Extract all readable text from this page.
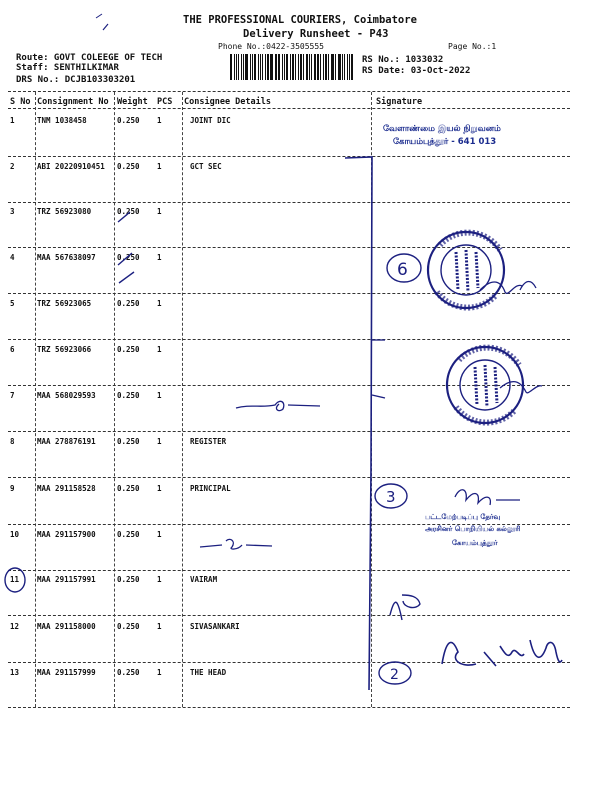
THE PROFESSIONAL COURIERS, Coimbatore
Delivery Runsheet - P43
Phone No.:0422-3505555	Page No.:1
Route: GOVT COLEEGE OF TECH
Staff: SENTHILKIMAR
DRS No.: DCJB103303201
RS No.: 1033032
RS Date: 03-Oct-2022
S No Consignment No Weight PCS Consignee Details	Signature
1	TNM 1038458	0.250 1	JOINT DIC
2	ABI 20220910451 0.250 1	GCT SEC
3	TRZ 56923080	0.250 1
4	MAA 567638097	0.250 1
5	TRZ 56923065	0.250 1
6	TRZ 56923066	0.250 1
7	MAA 568029593	0.250 1
8	MAA 278876191	0.250 1	REGISTER
9	MAA 291158528	0.250 1	PRINCIPAL
10 MAA 291157900	0.250 1
11 MAA 291157991	0.250 1	VAIRAM
12 MAA 291158000	0.250 1	SIVASANKARI
13 MAA 291157999	0.250 1	THE HEAD
வேளாண்மை இயல் நிறுவனம்
கோயம்புத்தூர் - 641 013
பட்டமேற்படிப்பு தேர்வு
அரசினர் பொறியியல் கல்லூரி
கோயம்புத்தூர்
6
3
2
